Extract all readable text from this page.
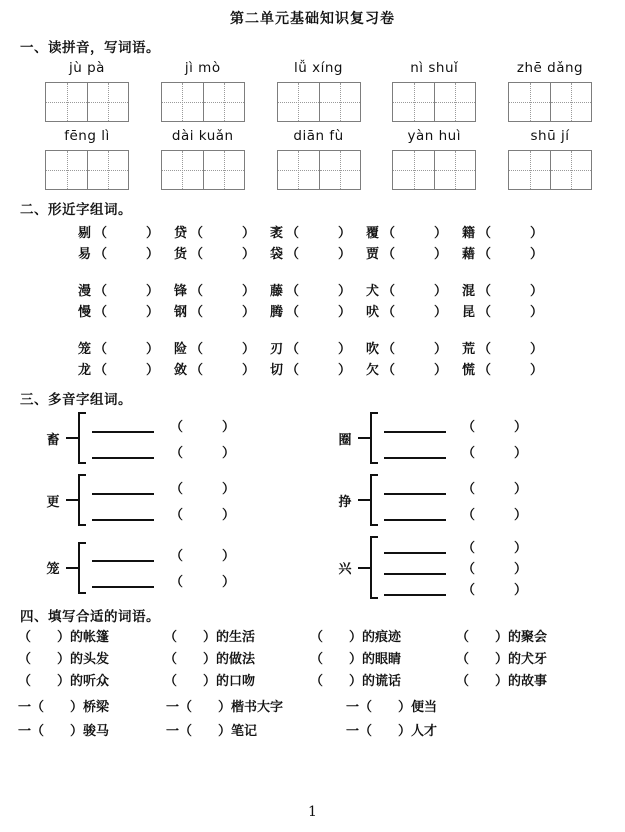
第二单元基础知识复习卷
一、读拼音，写词语。
jù pà	jì mò	lǚ xíng	nì shuǐ	zhē dǎng
fēng lì	dài kuǎn	diān fù	yàn huì	shū jí
二、形近字组词。
剔 （　　　）	贷 （　　　）	袤 （　　　）	覆 （　　　）	籍 （　　　）
易 （　　　）	货 （　　　）	袋 （　　　）	贾 （　　　）	藉 （　　　）
漫 （　　　）	锋 （　　　）	藤 （　　　）	犬 （　　　）	混 （　　　）
慢 （　　　）	钢 （　　　）	腾 （　　　）	吠 （　　　）	昆 （　　　）
笼 （　　　）	险 （　　　）	刃 （　　　）	吹 （　　　）	荒 （　　　）
龙 （　　　）	敛 （　　　）	切 （　　　）	欠 （　　　）	慌 （　　　）
三、多音字组词。
畜
（　　　）
（　　　）
圈
（　　　）
（　　　）
更
（　　　）
（　　　）
挣
（　　　）
（　　　）
笼
（　　　）
（　　　）
兴
（　　　）
（　　　）
（　　　）
四、填写合适的词语。
（　　）的帐篷	（　　）的生活	（　　）的痕迹	（　　）的聚会
（　　）的头发	（　　）的做法	（　　）的眼睛	（　　）的犬牙
（　　）的听众	（　　）的口吻	（　　）的谎话	（　　）的故事
一（　　）桥梁	一（　　）楷书大字	一（　　）便当
一（　　）骏马	一（　　）笔记	一（　　）人才
1
